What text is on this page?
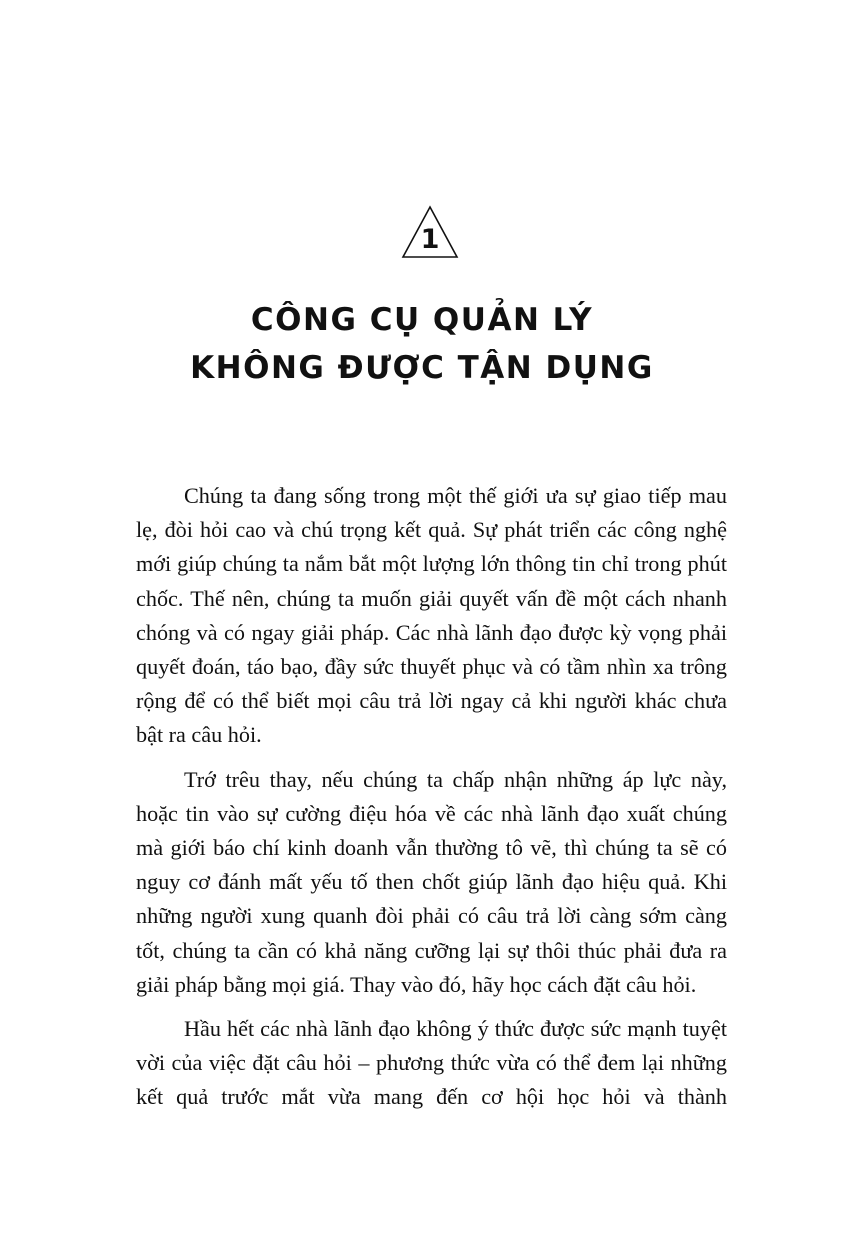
1
CÔNG CỤ QUẢN LÝ
KHÔNG ĐƯỢC TẬN DỤNG

Chúng ta đang sống trong một thế giới ưa sự giao tiếp mau lẹ, đòi hỏi cao và chú trọng kết quả. Sự phát triển các công nghệ mới giúp chúng ta nắm bắt một lượng lớn thông tin chỉ trong phút chốc. Thế nên, chúng ta muốn giải quyết vấn đề một cách nhanh chóng và có ngay giải pháp. Các nhà lãnh đạo được kỳ vọng phải quyết đoán, táo bạo, đầy sức thuyết phục và có tầm nhìn xa trông rộng để có thể biết mọi câu trả lời ngay cả khi người khác chưa bật ra câu hỏi.

Trớ trêu thay, nếu chúng ta chấp nhận những áp lực này, hoặc tin vào sự cường điệu hóa về các nhà lãnh đạo xuất chúng mà giới báo chí kinh doanh vẫn thường tô vẽ, thì chúng ta sẽ có nguy cơ đánh mất yếu tố then chốt giúp lãnh đạo hiệu quả. Khi những người xung quanh đòi phải có câu trả lời càng sớm càng tốt, chúng ta cần có khả năng cưỡng lại sự thôi thúc phải đưa ra giải pháp bằng mọi giá. Thay vào đó, hãy học cách đặt câu hỏi.

Hầu hết các nhà lãnh đạo không ý thức được sức mạnh tuyệt vời của việc đặt câu hỏi – phương thức vừa có thể đem lại những kết quả trước mắt vừa mang đến cơ hội học hỏi và thành
